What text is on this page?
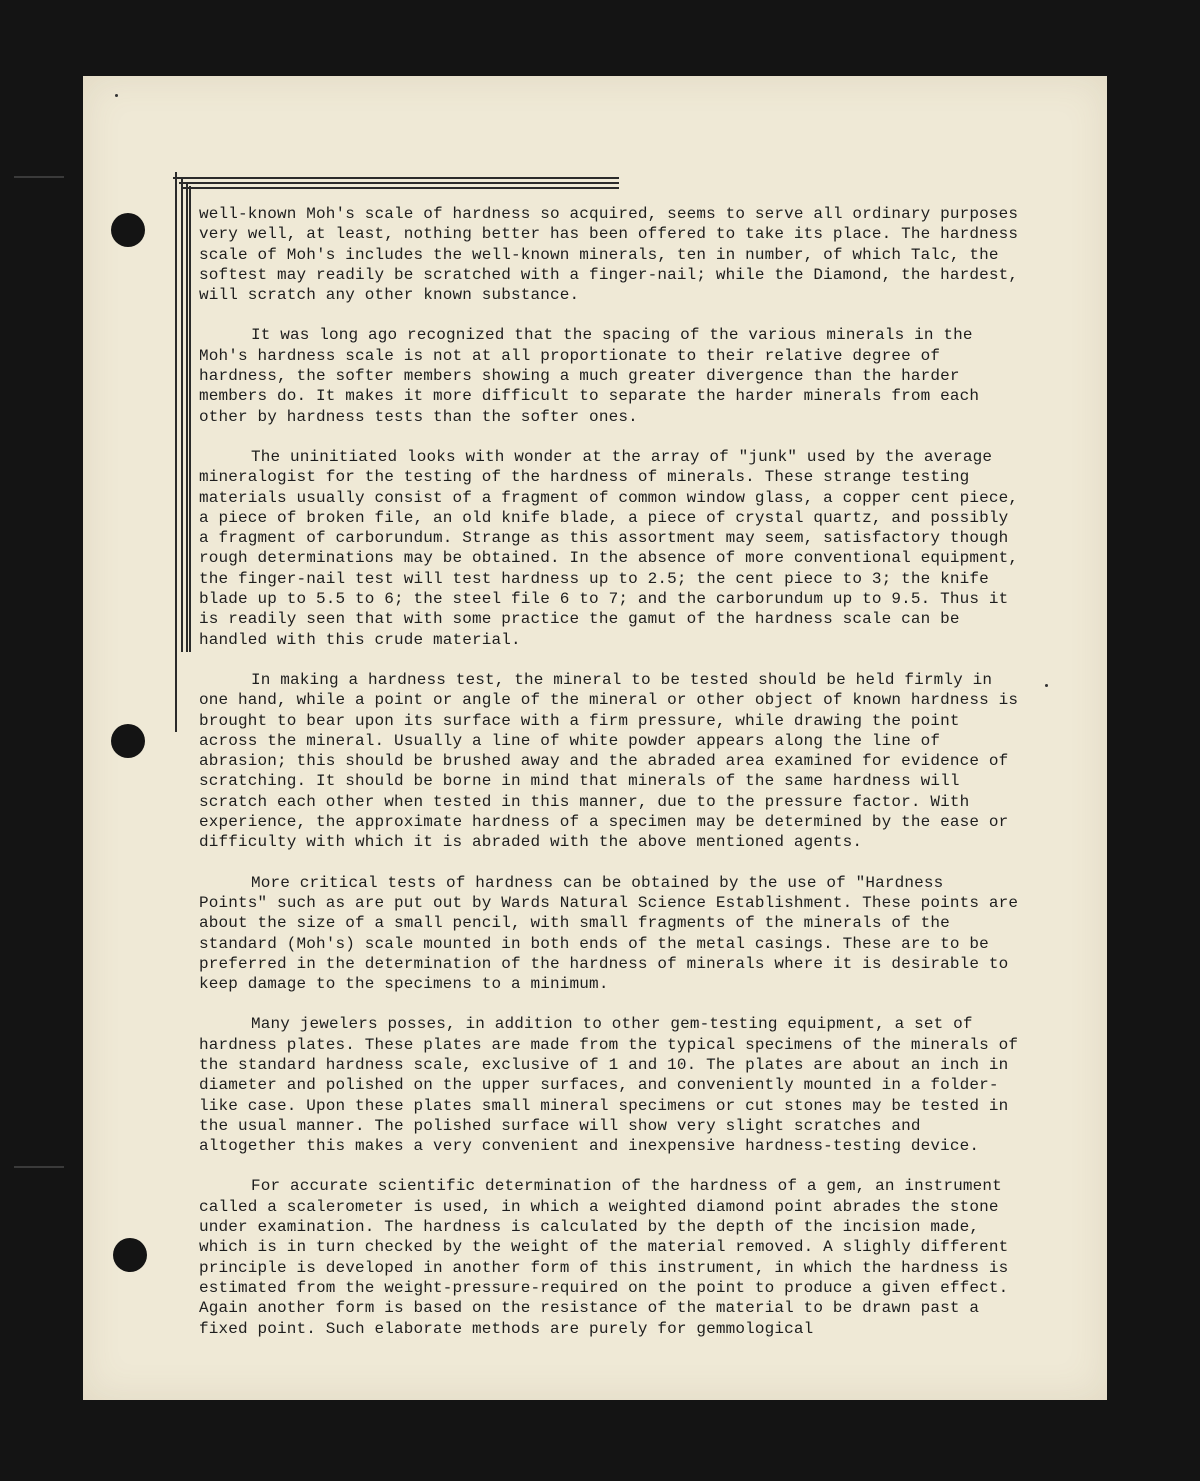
well-known Moh's scale of hardness so acquired, seems to serve all ordinary purposes very well, at least, nothing better has been offered to take its place. The hardness scale of Moh's includes the well-known minerals, ten in number, of which Talc, the softest may readily be scratched with a finger-nail; while the Diamond, the hardest, will scratch any other known substance.

It was long ago recognized that the spacing of the various minerals in the Moh's hardness scale is not at all proportionate to their relative degree of hardness, the softer members showing a much greater divergence than the harder members do. It makes it more difficult to separate the harder minerals from each other by hardness tests than the softer ones.

The uninitiated looks with wonder at the array of "junk" used by the average mineralogist for the testing of the hardness of minerals. These strange testing materials usually consist of a fragment of common window glass, a copper cent piece, a piece of broken file, an old knife blade, a piece of crystal quartz, and possibly a fragment of carborundum. Strange as this assortment may seem, satisfactory though rough determinations may be obtained. In the absence of more conventional equipment, the finger-nail test will test hardness up to 2.5; the cent piece to 3; the knife blade up to 5.5 to 6; the steel file 6 to 7; and the carborundum up to 9.5. Thus it is readily seen that with some practice the gamut of the hardness scale can be handled with this crude material.

In making a hardness test, the mineral to be tested should be held firmly in one hand, while a point or angle of the mineral or other object of known hardness is brought to bear upon its surface with a firm pressure, while drawing the point across the mineral. Usually a line of white powder appears along the line of abrasion; this should be brushed away and the abraded area examined for evidence of scratching. It should be borne in mind that minerals of the same hardness will scratch each other when tested in this manner, due to the pressure factor. With experience, the approximate hardness of a specimen may be determined by the ease or difficulty with which it is abraded with the above mentioned agents.

More critical tests of hardness can be obtained by the use of "Hardness Points" such as are put out by Wards Natural Science Establishment. These points are about the size of a small pencil, with small fragments of the minerals of the standard (Moh's) scale mounted in both ends of the metal casings. These are to be preferred in the determination of the hardness of minerals where it is desirable to keep damage to the specimens to a minimum.

Many jewelers posses, in addition to other gem-testing equipment, a set of hardness plates. These plates are made from the typical specimens of the minerals of the standard hardness scale, exclusive of 1 and 10. The plates are about an inch in diameter and polished on the upper surfaces, and conveniently mounted in a folder-like case. Upon these plates small mineral specimens or cut stones may be tested in the usual manner. The polished surface will show very slight scratches and altogether this makes a very convenient and inexpensive hardness-testing device.

For accurate scientific determination of the hardness of a gem, an instrument called a scalerometer is used, in which a weighted diamond point abrades the stone under examination. The hardness is calculated by the depth of the incision made, which is in turn checked by the weight of the material removed. A slighly different principle is developed in another form of this instrument, in which the hardness is estimated from the weight-pressure-required on the point to produce a given effect. Again another form is based on the resistance of the material to be drawn past a fixed point. Such elaborate methods are purely for gemmological
